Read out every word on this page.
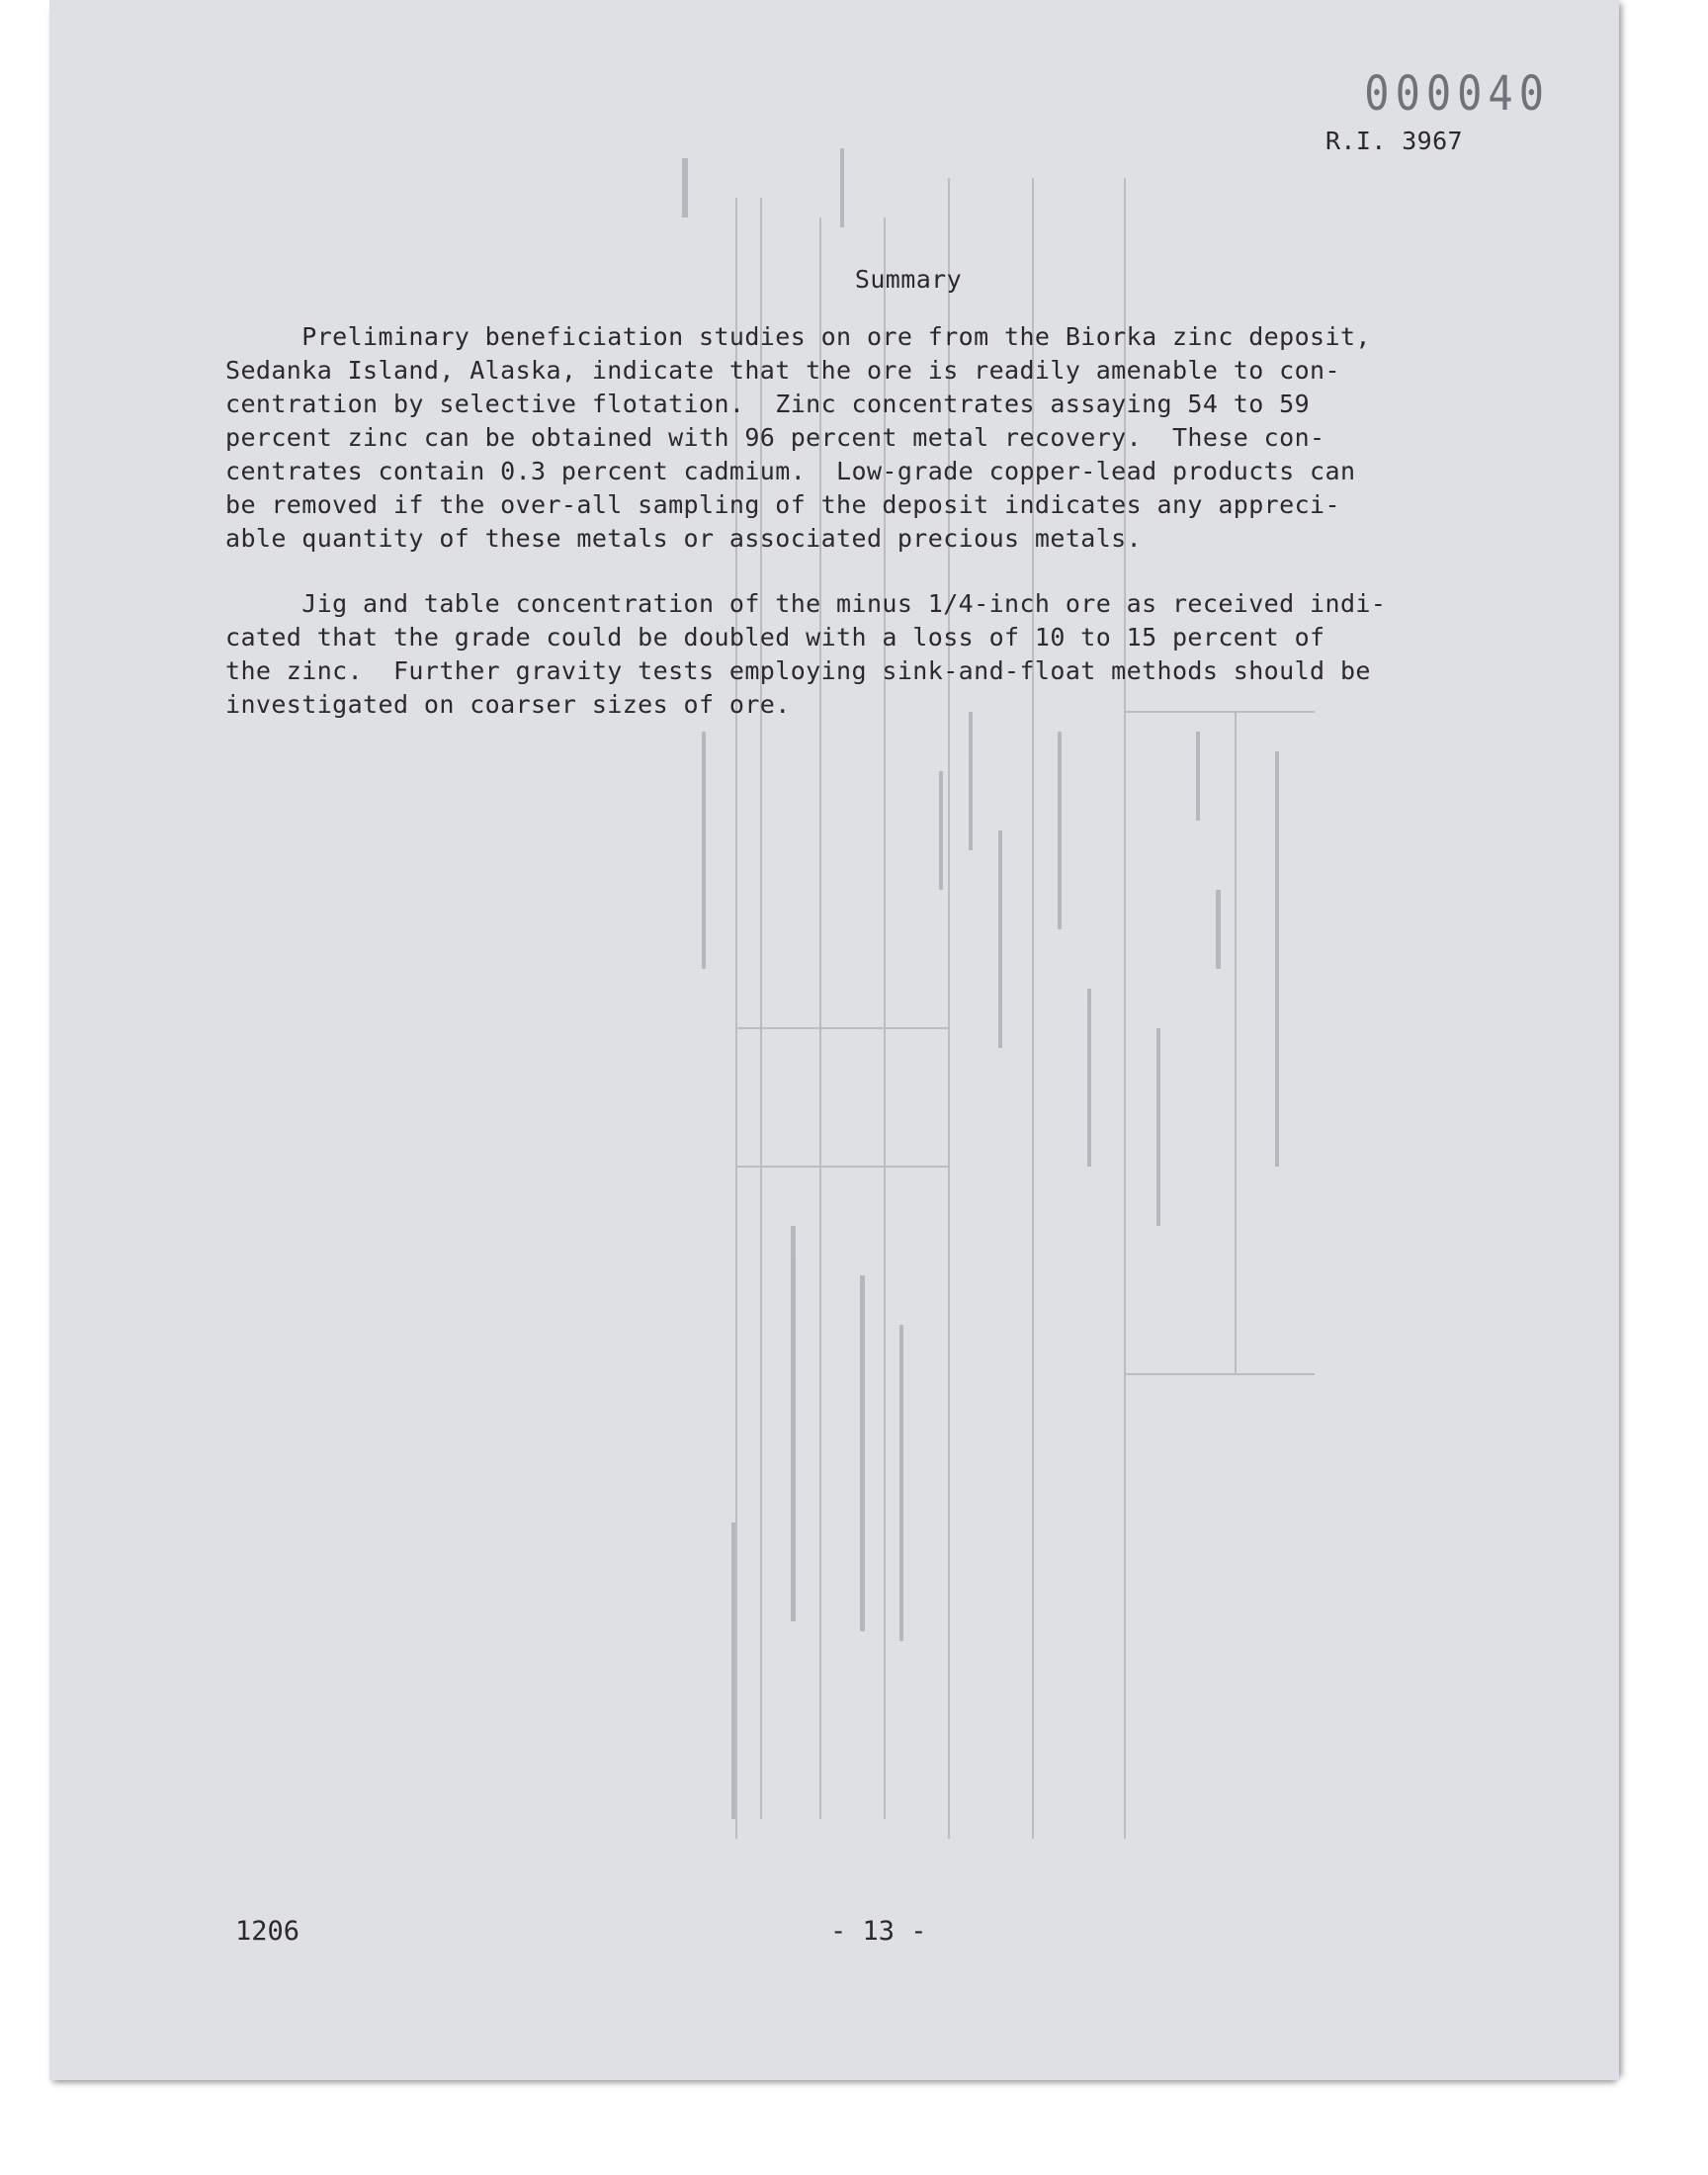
000040
R.I. 3967
Summary
Preliminary beneficiation studies on ore from the Biorka zinc deposit,
Sedanka Island, Alaska, indicate that the ore is readily amenable to con-
centration by selective flotation.  Zinc concentrates assaying 54 to 59
percent zinc can be obtained with 96 percent metal recovery.  These con-
centrates contain 0.3 percent cadmium.  Low-grade copper-lead products can
be removed if the over-all sampling of the deposit indicates any appreci-
able quantity of these metals or associated precious metals.
Jig and table concentration of the minus 1/4-inch ore as received indi-
cated that the grade could be doubled with a loss of 10 to 15 percent of
the zinc.  Further gravity tests employing sink-and-float methods should be
investigated on coarser sizes of ore.
1206	- 13 -
